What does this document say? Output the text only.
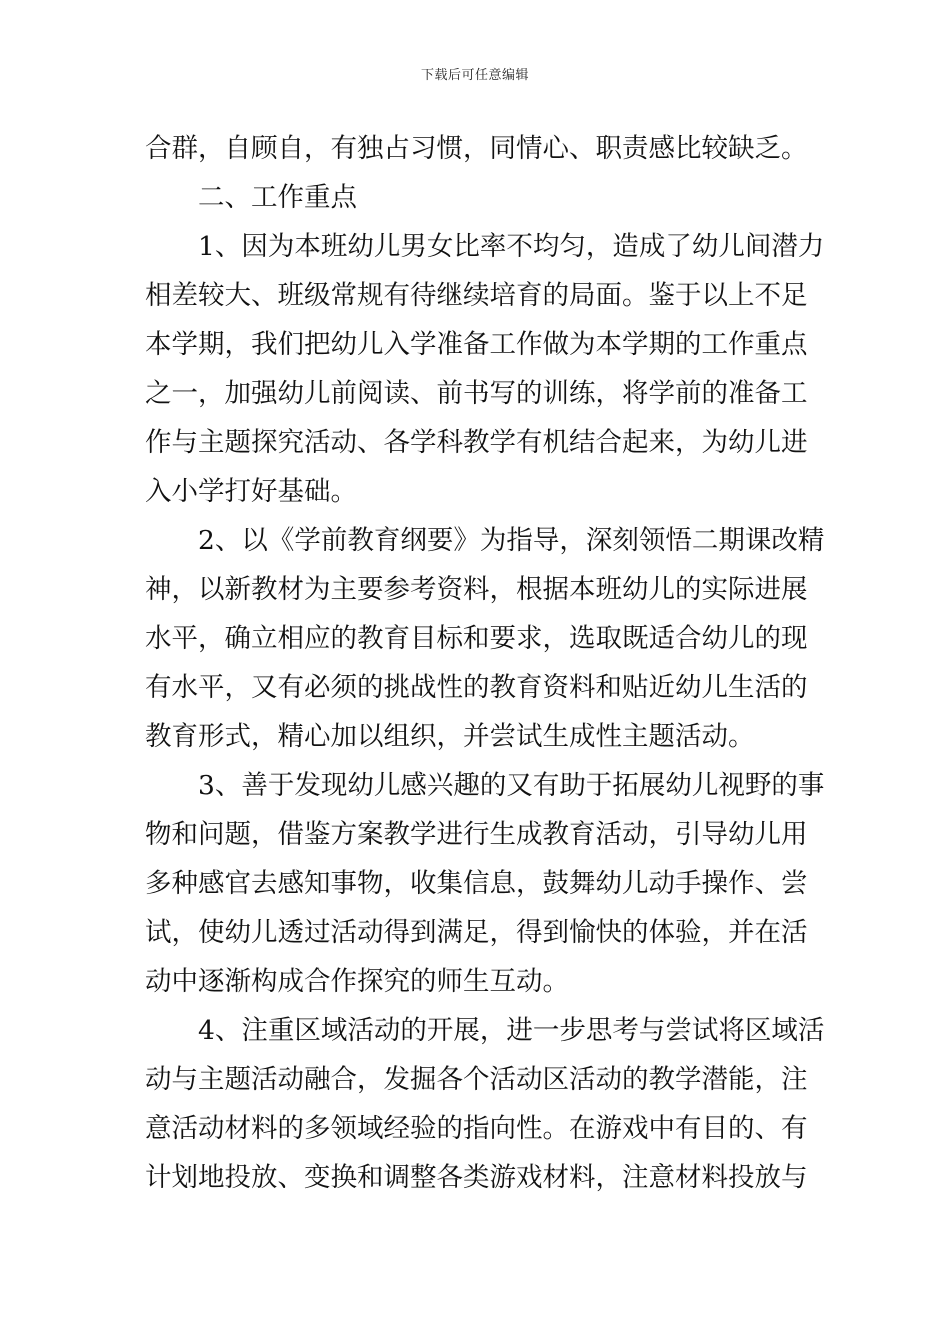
下载后可任意编辑
合群，自顾自，有独占习惯，同情心、职责感比较缺乏。
二、工作重点
1、因为本班幼儿男女比率不均匀，造成了幼儿间潜力
相差较大、班级常规有待继续培育的局面。鉴于以上不足
本学期，我们把幼儿入学准备工作做为本学期的工作重点
之一，加强幼儿前阅读、前书写的训练，将学前的准备工
作与主题探究活动、各学科教学有机结合起来，为幼儿进
入小学打好基础。
2、以《学前教育纲要》为指导，深刻领悟二期课改精
神，以新教材为主要参考资料，根据本班幼儿的实际进展
水平，确立相应的教育目标和要求，选取既适合幼儿的现
有水平，又有必须的挑战性的教育资料和贴近幼儿生活的
教育形式，精心加以组织，并尝试生成性主题活动。
3、善于发现幼儿感兴趣的又有助于拓展幼儿视野的事
物和问题，借鉴方案教学进行生成教育活动，引导幼儿用
多种感官去感知事物，收集信息，鼓舞幼儿动手操作、尝
试，使幼儿透过活动得到满足，得到愉快的体验，并在活
动中逐渐构成合作探究的师生互动。
4、注重区域活动的开展，进一步思考与尝试将区域活
动与主题活动融合，发掘各个活动区活动的教学潜能，注
意活动材料的多领域经验的指向性。在游戏中有目的、有
计划地投放、变换和调整各类游戏材料，注意材料投放与
